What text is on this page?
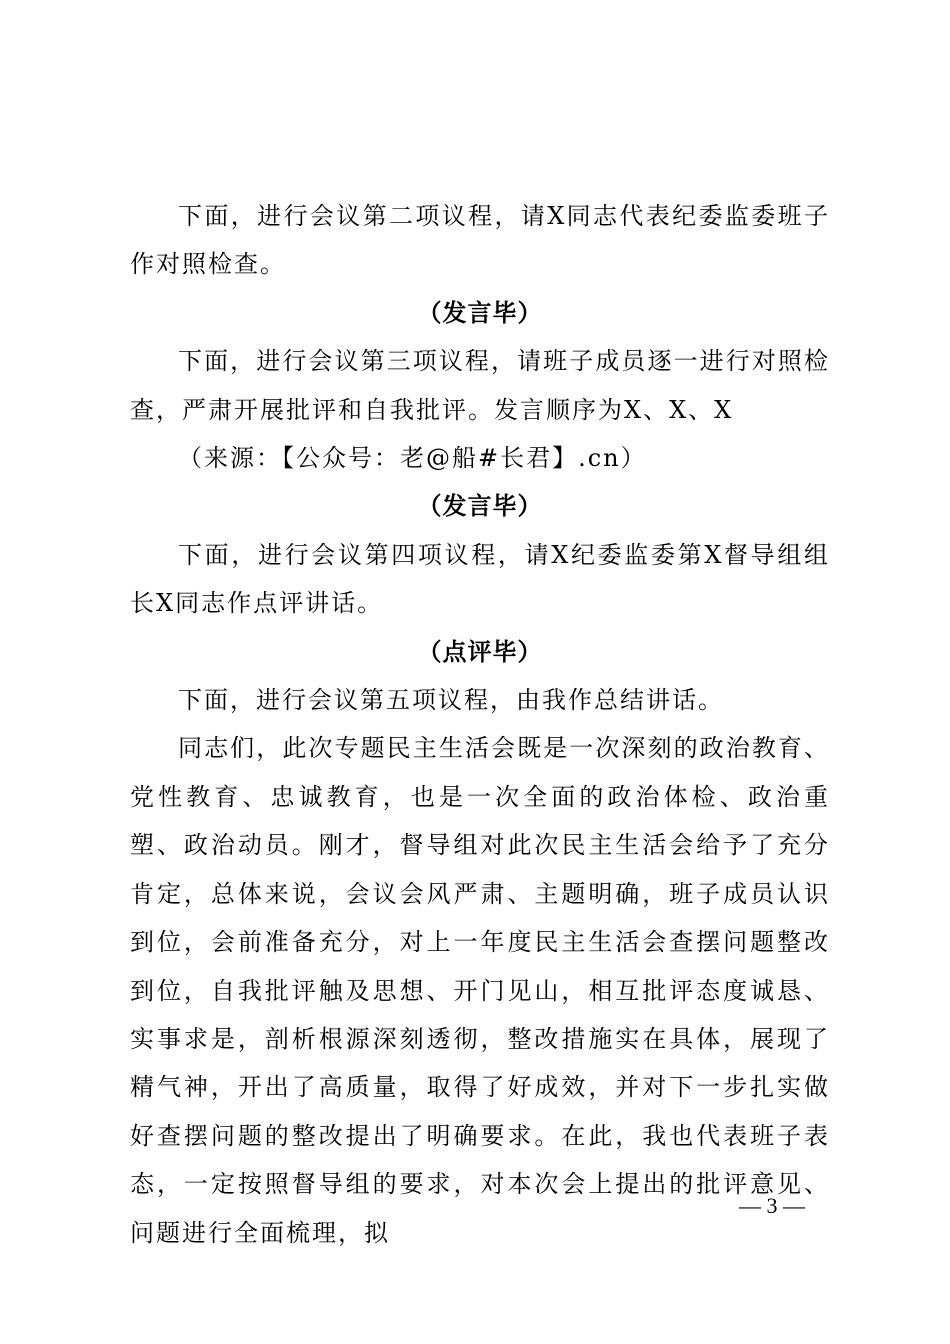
下面，进行会议第二项议程，请X同志代表纪委监委班子作对照检查。

（发言毕）

下面，进行会议第三项议程，请班子成员逐一进行对照检查，严肃开展批评和自我批评。发言顺序为X、X、X

（来源：【公众号：老@船#长君】.cn）

（发言毕）

下面，进行会议第四项议程，请X纪委监委第X督导组组长X同志作点评讲话。

（点评毕）

下面，进行会议第五项议程，由我作总结讲话。

同志们，此次专题民主生活会既是一次深刻的政治教育、党性教育、忠诚教育，也是一次全面的政治体检、政治重塑、政治动员。刚才，督导组对此次民主生活会给予了充分肯定，总体来说，会议会风严肃、主题明确，班子成员认识到位，会前准备充分，对上一年度民主生活会查摆问题整改到位，自我批评触及思想、开门见山，相互批评态度诚恳、实事求是，剖析根源深刻透彻，整改措施实在具体，展现了精气神，开出了高质量，取得了好成效，并对下一步扎实做好查摆问题的整改提出了明确要求。在此，我也代表班子表态，一定按照督导组的要求，对本次会上提出的批评意见、问题进行全面梳理，拟

— 3 —
